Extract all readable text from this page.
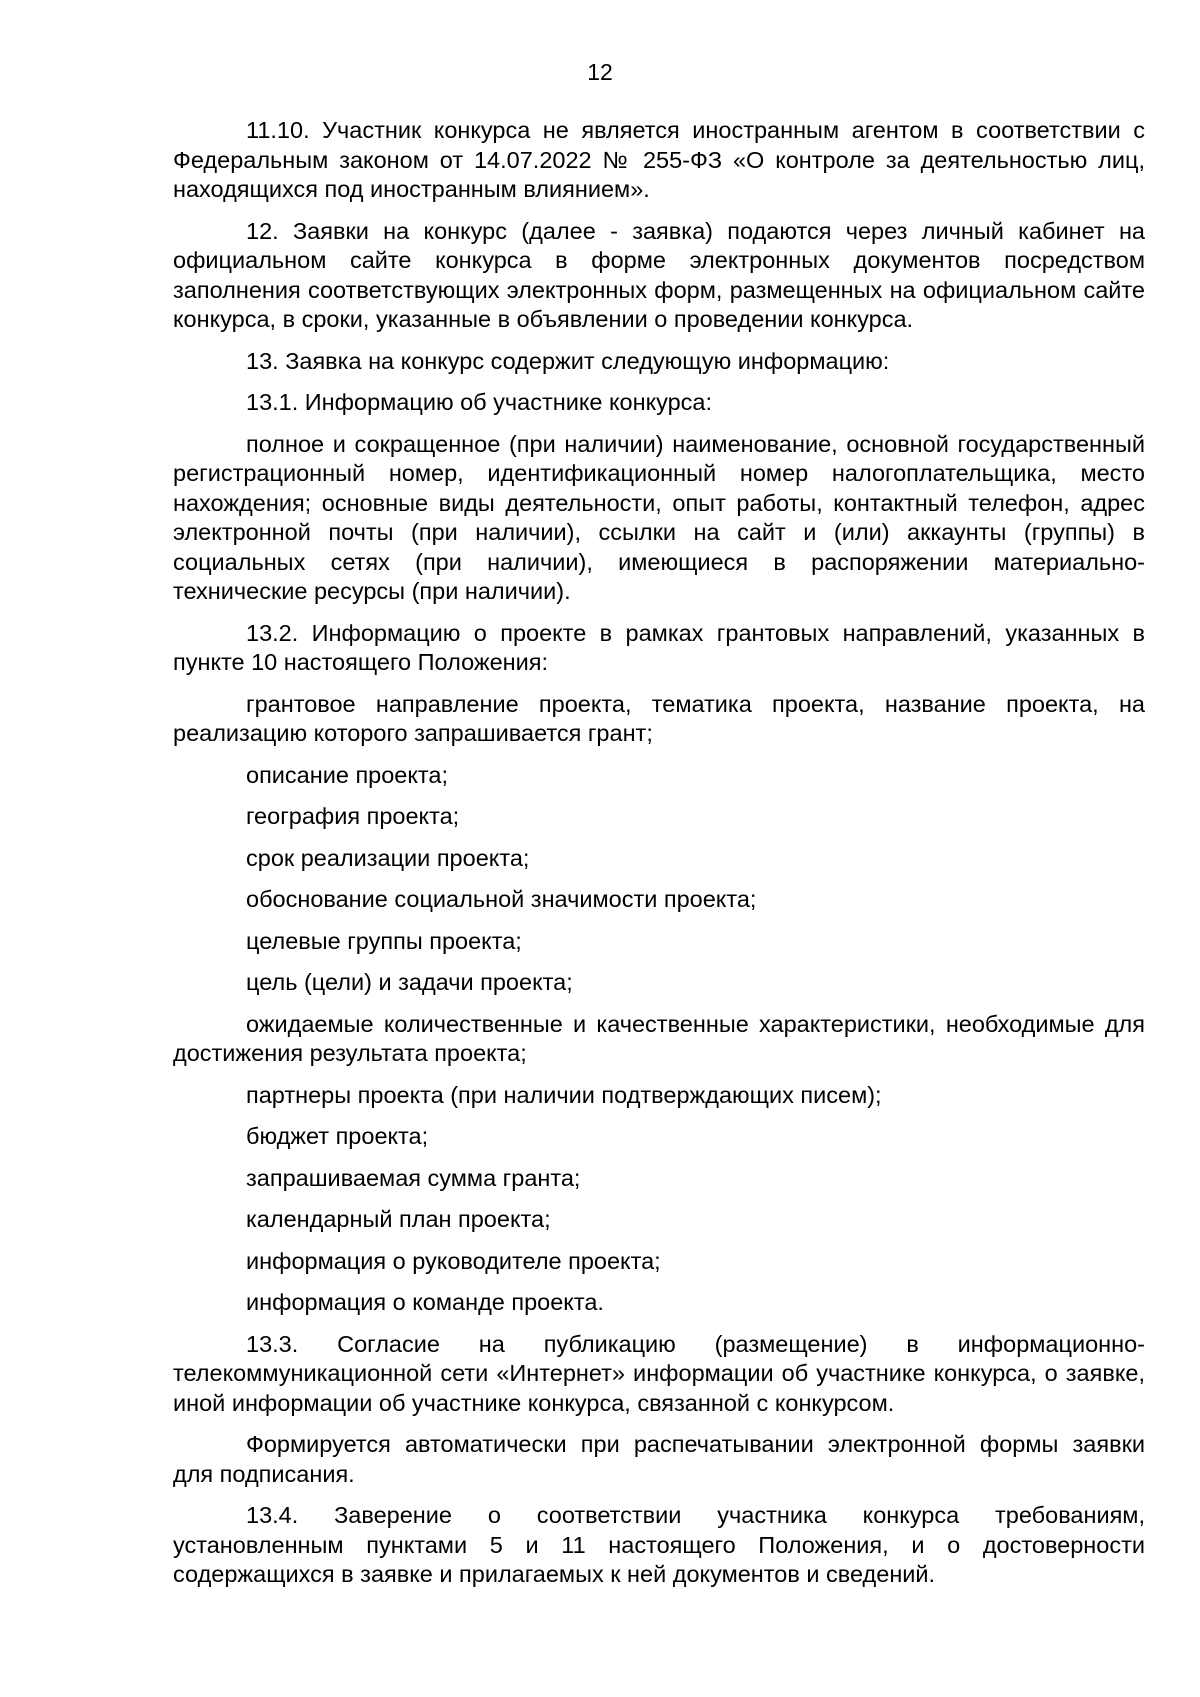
12

11.10. Участник конкурса не является иностранным агентом в соответствии с Федеральным законом от 14.07.2022 № 255-ФЗ «О контроле за деятельностью лиц, находящихся под иностранным влиянием».

12. Заявки на конкурс (далее - заявка) подаются через личный кабинет на официальном сайте конкурса в форме электронных документов посредством заполнения соответствующих электронных форм, размещенных на официальном сайте конкурса, в сроки, указанные в объявлении о проведении конкурса.

13. Заявка на конкурс содержит следующую информацию:

13.1. Информацию об участнике конкурса:

полное и сокращенное (при наличии) наименование, основной государственный регистрационный номер, идентификационный номер налогоплательщика, место нахождения; основные виды деятельности, опыт работы, контактный телефон, адрес электронной почты (при наличии), ссылки на сайт и (или) аккаунты (группы) в социальных сетях (при наличии), имеющиеся в распоряжении материально-технические ресурсы (при наличии).

13.2. Информацию о проекте в рамках грантовых направлений, указанных в пункте 10 настоящего Положения:

грантовое направление проекта, тематика проекта, название проекта, на реализацию которого запрашивается грант;

описание проекта;

география проекта;

срок реализации проекта;

обоснование социальной значимости проекта;

целевые группы проекта;

цель (цели) и задачи проекта;

ожидаемые количественные и качественные характеристики, необходимые для достижения результата проекта;

партнеры проекта (при наличии подтверждающих писем);

бюджет проекта;

запрашиваемая сумма гранта;

календарный план проекта;

информация о руководителе проекта;

информация о команде проекта.

13.3. Согласие на публикацию (размещение) в информационно-телекоммуникационной сети «Интернет» информации об участнике конкурса, о заявке, иной информации об участнике конкурса, связанной с конкурсом.

Формируется автоматически при распечатывании электронной формы заявки для подписания.

13.4. Заверение о соответствии участника конкурса требованиям, установленным пунктами 5 и 11 настоящего Положения, и о достоверности содержащихся в заявке и прилагаемых к ней документов и сведений.
